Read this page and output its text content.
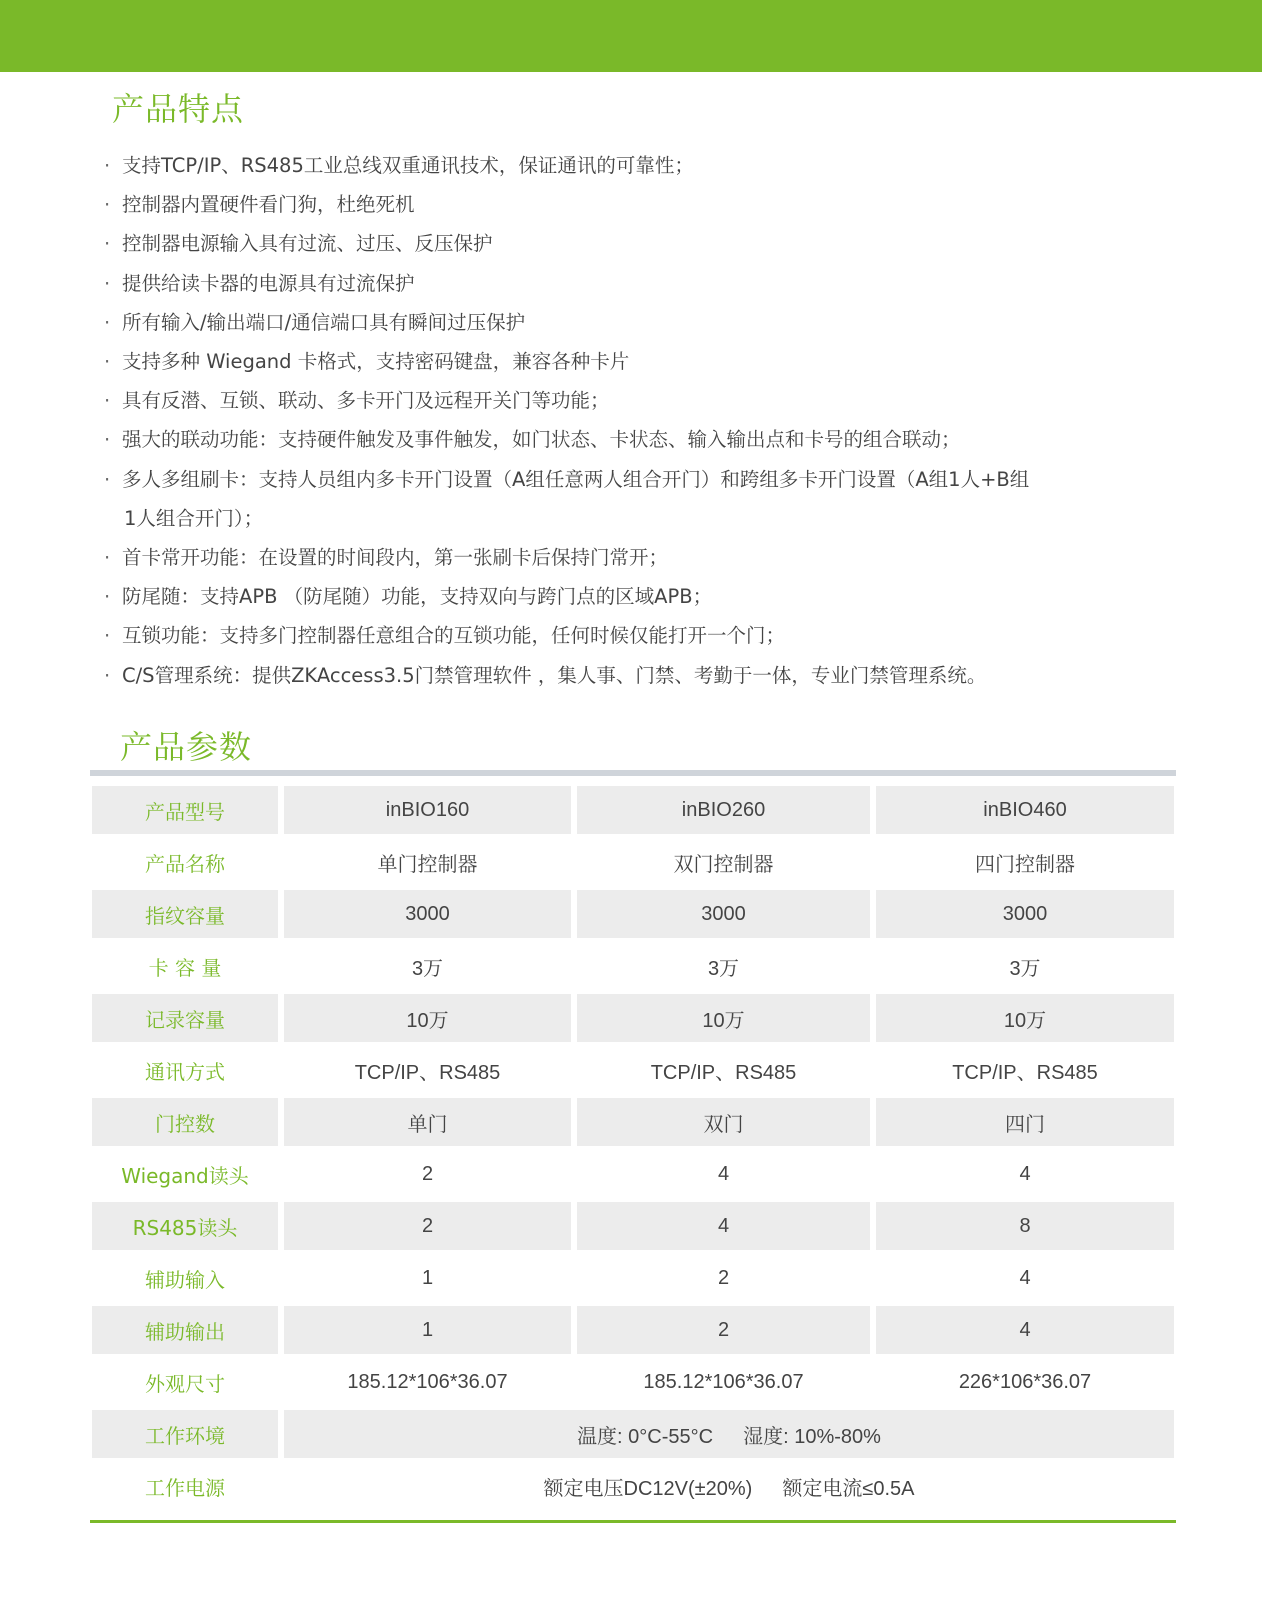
产品特点
· 支持TCP/IP、RS485工业总线双重通讯技术，保证通讯的可靠性；
· 控制器内置硬件看门狗，杜绝死机
· 控制器电源输入具有过流、过压、反压保护
· 提供给读卡器的电源具有过流保护
· 所有输入/输出端口/通信端口具有瞬间过压保护
· 支持多种 Wiegand 卡格式，支持密码键盘，兼容各种卡片
· 具有反潜、互锁、联动、多卡开门及远程开关门等功能；
· 强大的联动功能：支持硬件触发及事件触发，如门状态、卡状态、输入输出点和卡号的组合联动；
· 多人多组刷卡：支持人员组内多卡开门设置（A组任意两人组合开门）和跨组多卡开门设置（A组1人+B组
1人组合开门）；
· 首卡常开功能：在设置的时间段内，第一张刷卡后保持门常开；
· 防尾随：支持APB （防尾随）功能，支持双向与跨门点的区域APB；
· 互锁功能：支持多门控制器任意组合的互锁功能，任何时候仅能打开一个门；
· C/S管理系统：提供ZKAccess3.5门禁管理软件 ，集人事、门禁、考勤于一体，专业门禁管理系统。
产品参数
产品型号	inBIO160	inBIO260	inBIO460
产品名称	单门控制器	双门控制器	四门控制器
指纹容量	3000	3000	3000
卡 容 量	3万	3万	3万
记录容量	10万	10万	10万
通讯方式	TCP/IP、RS485	TCP/IP、RS485	TCP/IP、RS485
门控数	单门	双门	四门
Wiegand读头	2	4	4
RS485读头	2	4	8
辅助输入	1	2	4
辅助输出	1	2	4
外观尺寸	185.12*106*36.07	185.12*106*36.07	226*106*36.07
工作环境	温度: 0°C-55°C 湿度: 10%-80%		
工作电源	额定电压DC12V(±20%) 额定电流≤0.5A		
